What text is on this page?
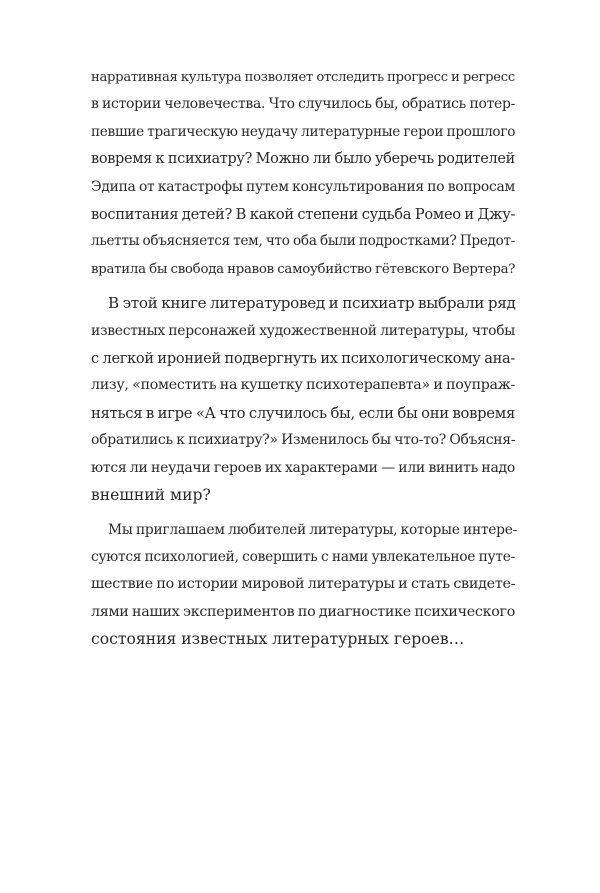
нарративная культура позволяет отследить прогресс и регресс
в истории человечества. Что случилось бы, обратись потер-
певшие трагическую неудачу литературные герои прошлого
вовремя к психиатру? Можно ли было уберечь родителей
Эдипа от катастрофы путем консультирования по вопросам
воспитания детей? В какой степени судьба Ромео и Джу-
льетты объясняется тем, что оба были подростками? Предот-
вратила бы свобода нравов самоубийство гётевского Вертера?
В этой книге литературовед и психиатр выбрали ряд
известных персонажей художественной литературы, чтобы
с легкой иронией подвергнуть их психологическому ана-
лизу, «поместить на кушетку психотерапевта» и поупраж-
няться в игре «А что случилось бы, если бы они вовремя
обратились к психиатру?» Изменилось бы что-то? Объясня-
ются ли неудачи героев их характерами — или винить надо
внешний мир?
Мы приглашаем любителей литературы, которые интере-
суются психологией, совершить с нами увлекательное путе-
шествие по истории мировой литературы и стать свидете-
лями наших экспериментов по диагностике психического
состояния известных литературных героев…
